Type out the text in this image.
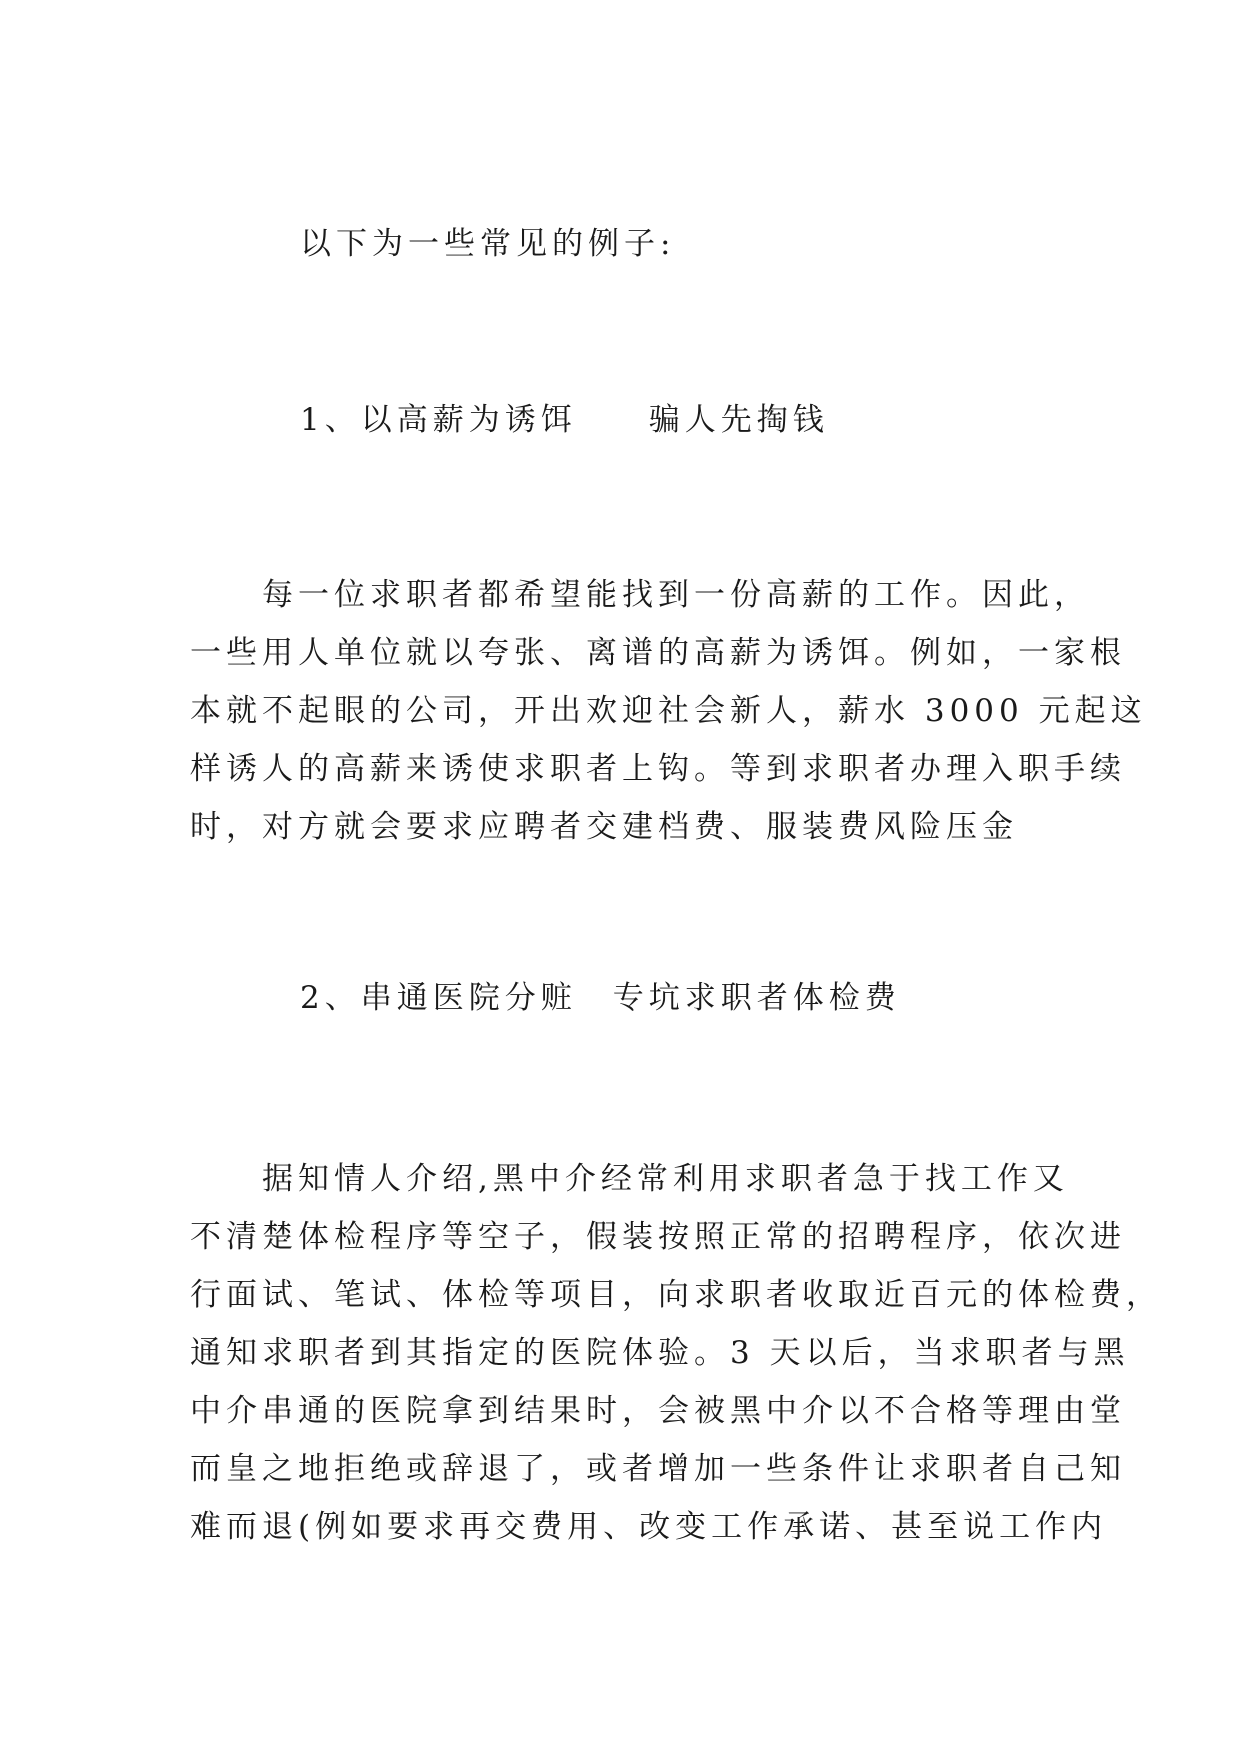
以下为一些常见的例子:
1、以高薪为诱饵　　骗人先掏钱
　　每一位求职者都希望能找到一份高薪的工作。因此，
一些用人单位就以夸张、离谱的高薪为诱饵。例如，一家根
本就不起眼的公司，开出欢迎社会新人，薪水 3000 元起这
样诱人的高薪来诱使求职者上钩。等到求职者办理入职手续
时，对方就会要求应聘者交建档费、服装费风险压金
2、串通医院分赃　专坑求职者体检费
　　据知情人介绍,黑中介经常利用求职者急于找工作又
不清楚体检程序等空子，假装按照正常的招聘程序，依次进
行面试、笔试、体检等项目，向求职者收取近百元的体检费，
通知求职者到其指定的医院体验。3 天以后，当求职者与黑
中介串通的医院拿到结果时，会被黑中介以不合格等理由堂
而皇之地拒绝或辞退了，或者增加一些条件让求职者自己知
难而退(例如要求再交费用、改变工作承诺、甚至说工作内
